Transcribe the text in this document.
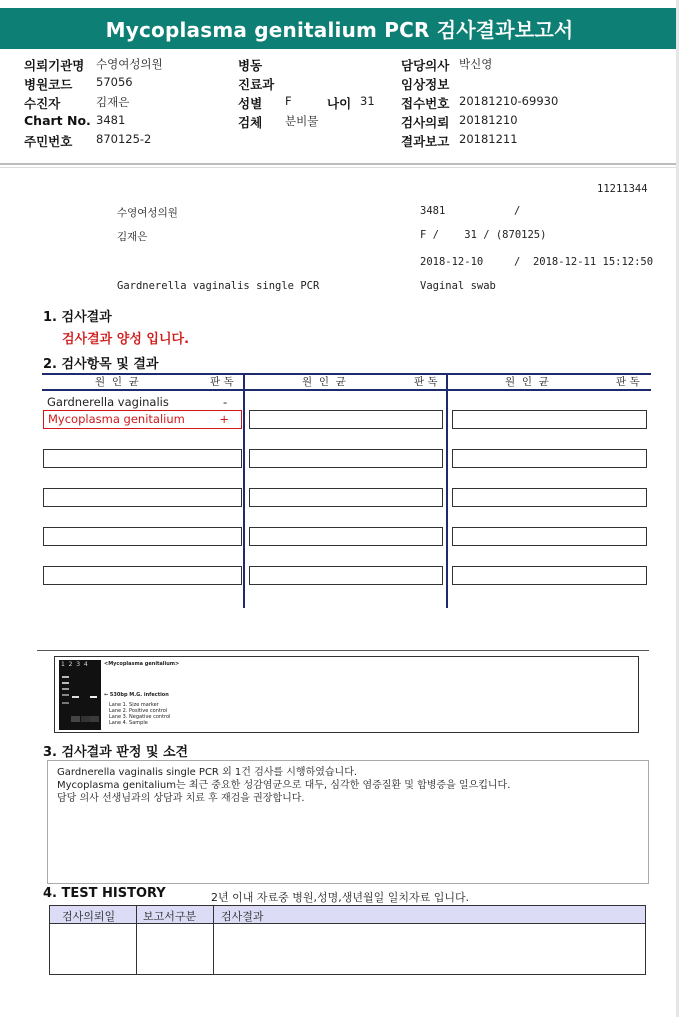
Mycoplasma genitalium PCR 검사결과보고서
의뢰기관명 수영여성의원	병동	담당의사 박신영
병원코드 57056	진료과	임상정보
수진자	김재은	성별 F	나이 31 접수번호 20181210-69930
Chart No. 3481	검체 분비물	검사의뢰 20181210
주민번호 870125-2	결과보고 20181211
11211344
수영여성의원	3481	/
김재은	F /    31 / (870125)
2018-12-10	/  2018-12-11 15:12:50
Gardnerella vaginalis single PCR	Vaginal swab
1. 검사결과
검사결과 양성 입니다.
2. 검사항목 및 결과
원  인  균	판 독	원  인  균	판 독	원  인  균	판 독
Gardnerella vaginalis	-
Mycoplasma genitalium	+
1  2  3  4	<Mycoplasma genitalium>
← 530bp M.G. infection
Lane 1. Size marker
Lane 2. Positive control
Lane 3. Negative control
Lane 4. Sample
3. 검사결과 판정 및 소견
Gardnerella vaginalis single PCR 외 1건 검사를 시행하였습니다.
Mycoplasma genitalium는 최근 중요한 성감염균으로 대두, 심각한 염증질환 및 합병증을 일으킵니다.
담당 의사 선생님과의 상담과 치료 후 재검을 권장합니다.
4. TEST HISTORY	2년 이내 자료중 병원,성명,생년월일 일치자료 입니다.
검사의뢰일	보고서구분 검사결과
